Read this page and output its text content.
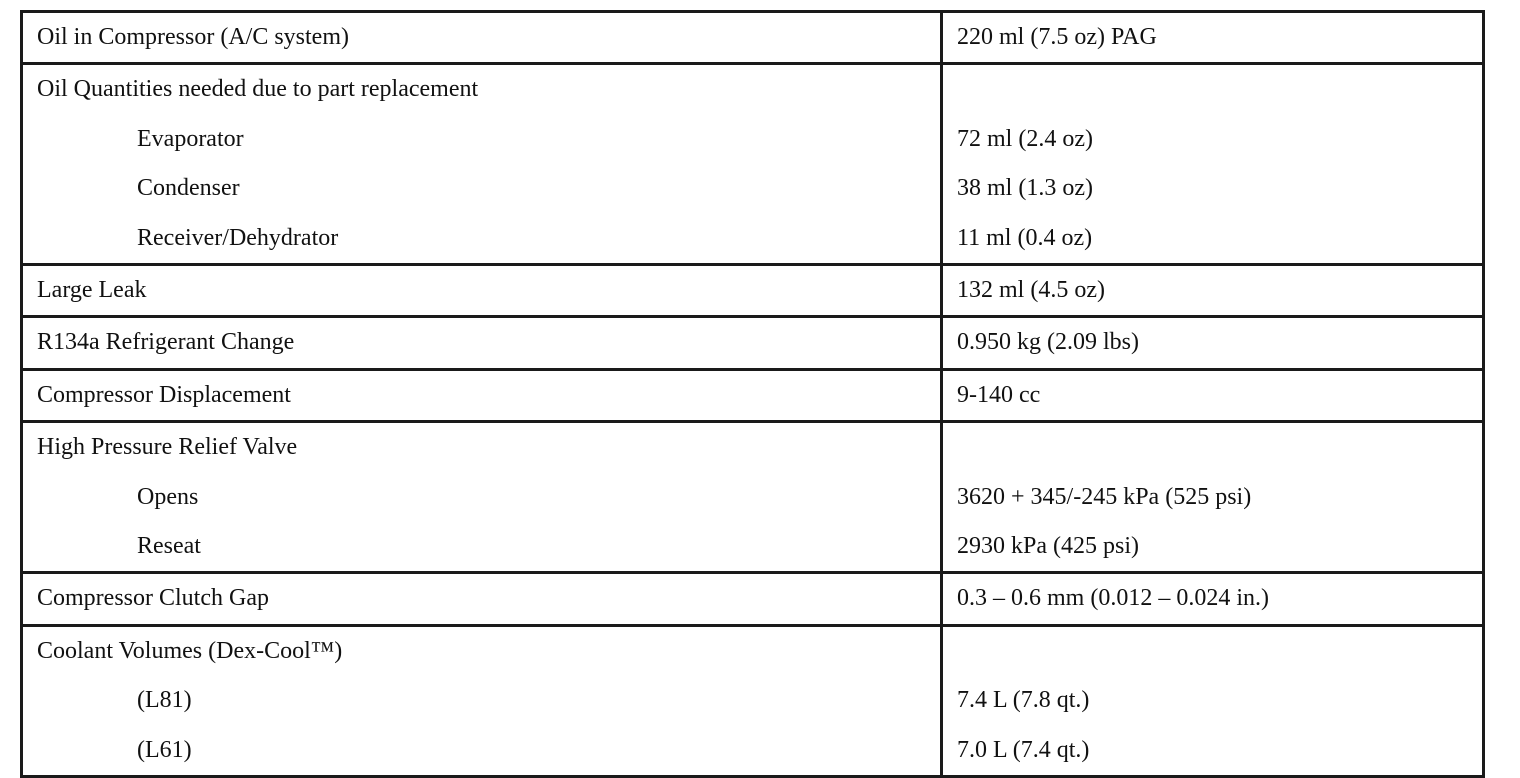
Oil in Compressor (A/C system)	220 ml (7.5 oz) PAG
Oil Quantities needed due to part replacement	

Evaporator	72 ml (2.4 oz)

Condenser	38 ml (1.3 oz)

Receiver/Dehydrator	11 ml (0.4 oz)
Large Leak	132 ml (4.5 oz)
R134a Refrigerant Change	0.950 kg (2.09 lbs)
Compressor Displacement	9-140 cc
High Pressure Relief Valve	

Opens	3620 + 345/-245 kPa (525 psi)

Reseat	2930 kPa (425 psi)
Compressor Clutch Gap	0.3 – 0.6 mm (0.012 – 0.024 in.)
Coolant Volumes (Dex-Cool™)	

(L81)	7.4 L (7.8 qt.)

(L61)	7.0 L (7.4 qt.)
